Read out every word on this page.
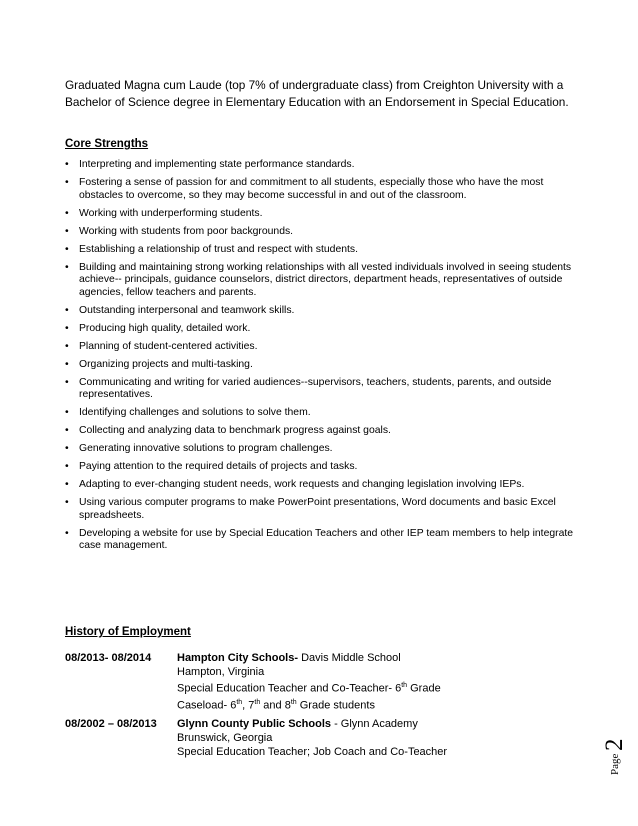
Graduated Magna cum Laude (top 7% of undergraduate class) from Creighton University with a Bachelor of Science degree in Elementary Education with an Endorsement in Special Education.

Core Strengths

• Interpreting and implementing state performance standards.
• Fostering a sense of passion for and commitment to all students, especially those who have the most obstacles to overcome, so they may become successful in and out of the classroom.
• Working with underperforming students.
• Working with students from poor backgrounds.
• Establishing a relationship of trust and respect with students.
• Building and maintaining strong working relationships with all vested individuals involved in seeing students achieve-- principals, guidance counselors, district directors, department heads, representatives of outside agencies, fellow teachers and parents.
• Outstanding interpersonal and teamwork skills.
• Producing high quality, detailed work.
• Planning of student-centered activities.
• Organizing projects and multi-tasking.
• Communicating and writing for varied audiences--supervisors, teachers, students, parents, and outside representatives.
• Identifying challenges and solutions to solve them.
• Collecting and analyzing data to benchmark progress against goals.
• Generating innovative solutions to program challenges.
• Paying attention to the required details of projects and tasks.
• Adapting to ever-changing student needs, work requests and changing legislation involving IEPs.
• Using various computer programs to make PowerPoint presentations, Word documents and basic Excel spreadsheets.
• Developing a website for use by Special Education Teachers and other IEP team members to help integrate case management.

History of Employment

08/2013- 08/2014 Hampton City Schools- Davis Middle School
Hampton, Virginia
Special Education Teacher and Co-Teacher- 6th Grade
Caseload- 6th, 7th and 8th Grade students
08/2002 – 08/2013 Glynn County Public Schools - Glynn Academy
Brunswick, Georgia
Special Education Teacher; Job Coach and Co-Teacher
Page
2
